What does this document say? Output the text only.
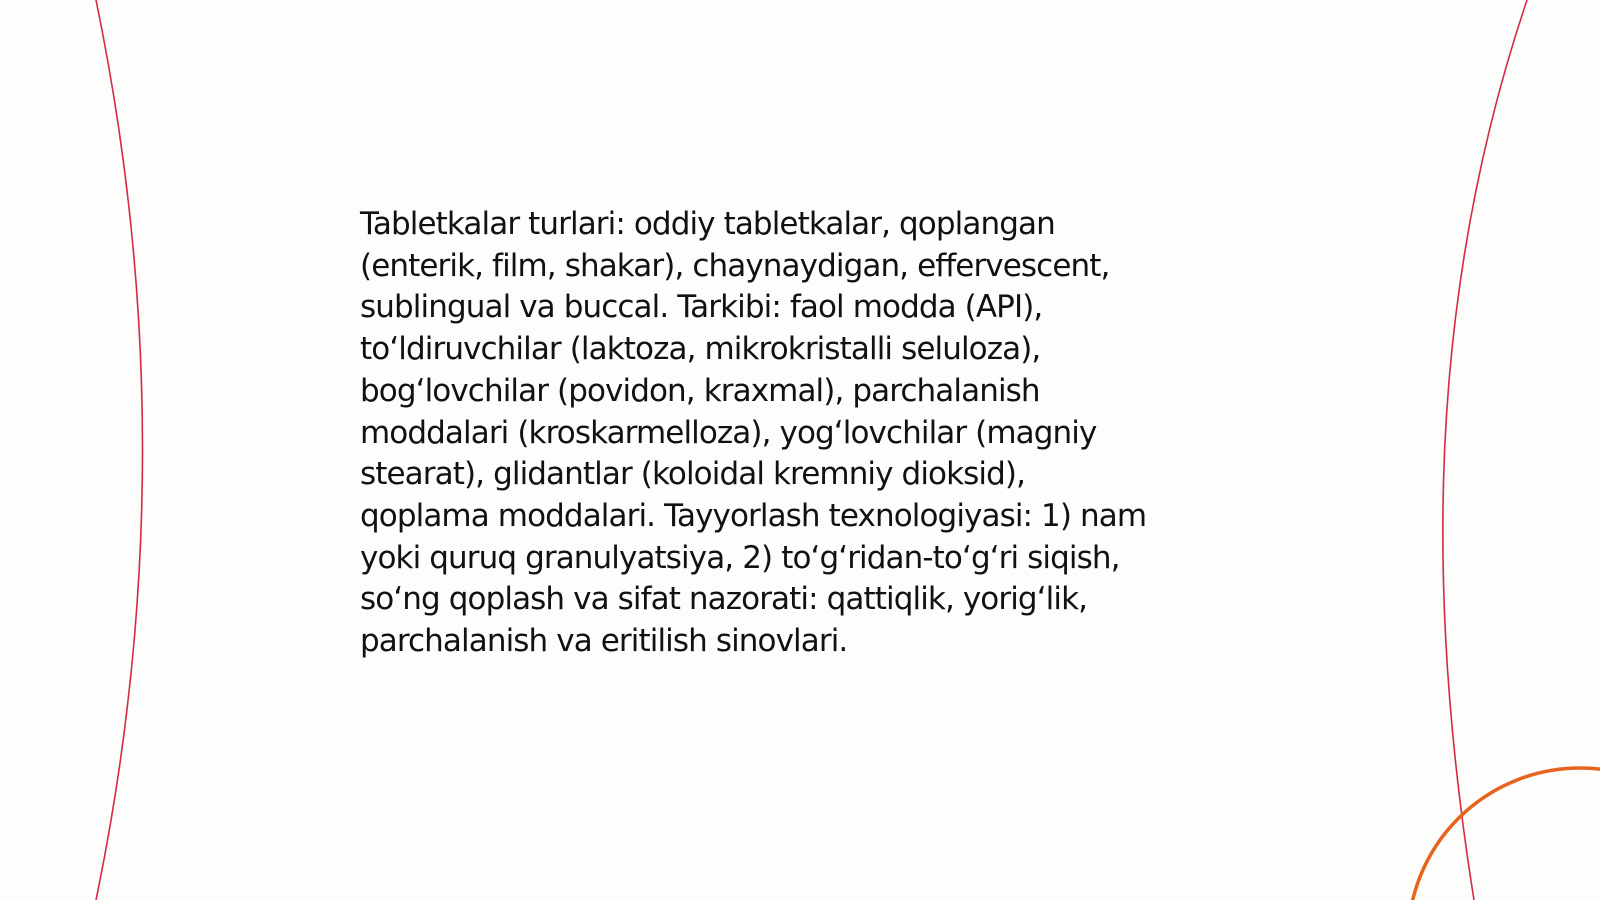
Tabletkalar turlari: oddiy tabletkalar, qoplangan
(enterik, film, shakar), chaynaydigan, effervescent,
sublingual va buccal. Tarkibi: faol modda (API),
to‘ldiruvchilar (laktoza, mikrokristalli seluloza),
bog‘lovchilar (povidon, kraxmal), parchalanish
moddalari (kroskarmelloza), yog‘lovchilar (magniy
stearat), glidantlar (koloidal kremniy dioksid),
qoplama moddalari. Tayyorlash texnologiyasi: 1) nam
yoki quruq granulyatsiya, 2) to‘g‘ridan-to‘g‘ri siqish,
so‘ng qoplash va sifat nazorati: qattiqlik, yorig‘lik,
parchalanish va eritilish sinovlari.
